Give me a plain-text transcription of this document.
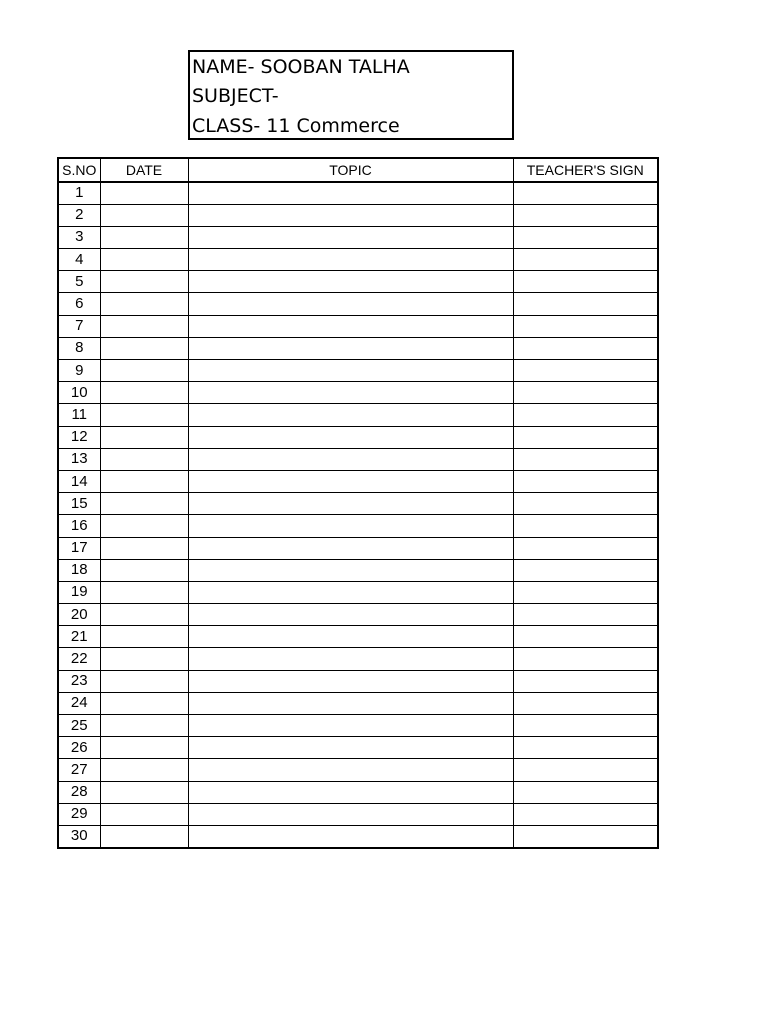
NAME- SOOBAN TALHA
SUBJECT-
CLASS- 11 Commerce
S.NO	DATE	TOPIC	TEACHER'S SIGN
1			
2			
3			
4			
5			
6			
7			
8			
9			
10			
11			
12			
13			
14			
15			
16			
17			
18			
19			
20			
21			
22			
23			
24			
25			
26			
27			
28			
29			
30			
